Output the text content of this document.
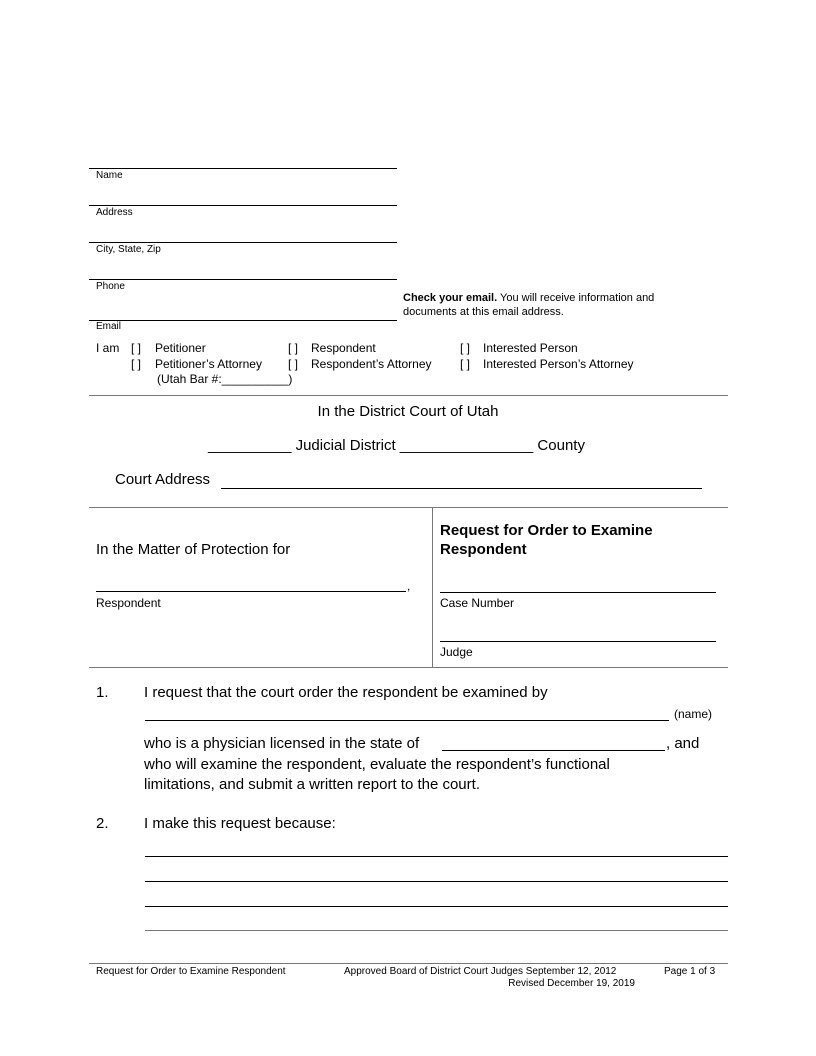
Name
Address
City, State, Zip
Phone
Email
Check your email. You will receive information and
documents at this email address.
I am [ ] Petitioner	[ ] Respondent	[ ] Interested Person
[ ] Petitioner’s Attorney [ ] Respondent’s Attorney [ ] Interested Person’s Attorney
(Utah Bar #:__________)
In the District Court of Utah
__________ Judicial District ________________ County
Court Address
In the Matter of Protection for
,
Respondent
Request for Order to Examine
Respondent
Case Number
Judge
1. I request that the court order the respondent be examined by
(name)
who is a physician licensed in the state of	, and
who will examine the respondent, evaluate the respondent’s functional
limitations, and submit a written report to the court.
2. I make this request because:
Request for Order to Examine Respondent	Approved Board of District Court Judges September 12, 2012
Revised December 19, 2019
Page 1 of 3
